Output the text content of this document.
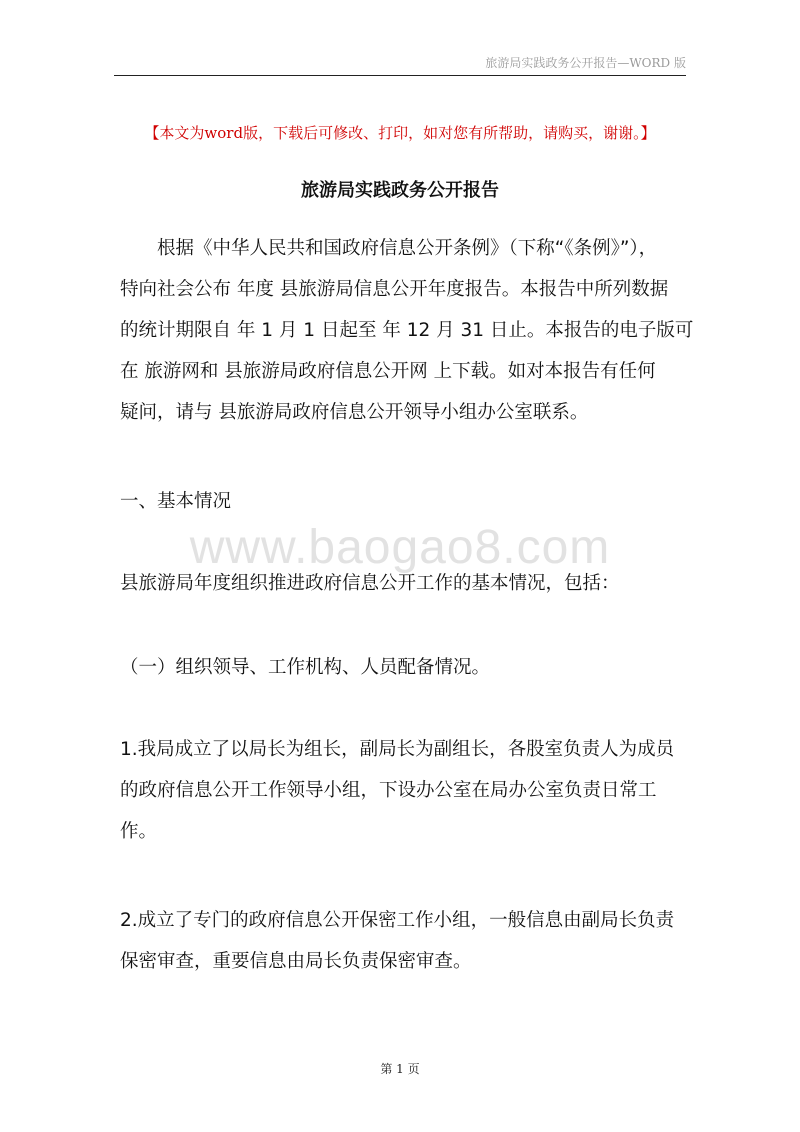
旅游局实践政务公开报告—WORD 版
【本文为word版，下载后可修改、打印，如对您有所帮助，请购买，谢谢。】
旅游局实践政务公开报告
　　根据《中华人民共和国政府信息公开条例》（下称“《条例》”），
特向社会公布 年度 县旅游局信息公开年度报告。本报告中所列数据
的统计期限自 年 1 月 1 日起至 年 12 月 31 日止。本报告的电子版可
在 旅游网和 县旅游局政府信息公开网 上下载。如对本报告有任何
疑问，请与 县旅游局政府信息公开领导小组办公室联系。
一、基本情况
www.baogao8.com
县旅游局年度组织推进政府信息公开工作的基本情况，包括：
（一）组织领导、工作机构、人员配备情况。
1.我局成立了以局长为组长，副局长为副组长，各股室负责人为成员
的政府信息公开工作领导小组，下设办公室在局办公室负责日常工
作。
2.成立了专门的政府信息公开保密工作小组，一般信息由副局长负责
保密审查，重要信息由局长负责保密审查。
第 1 页
